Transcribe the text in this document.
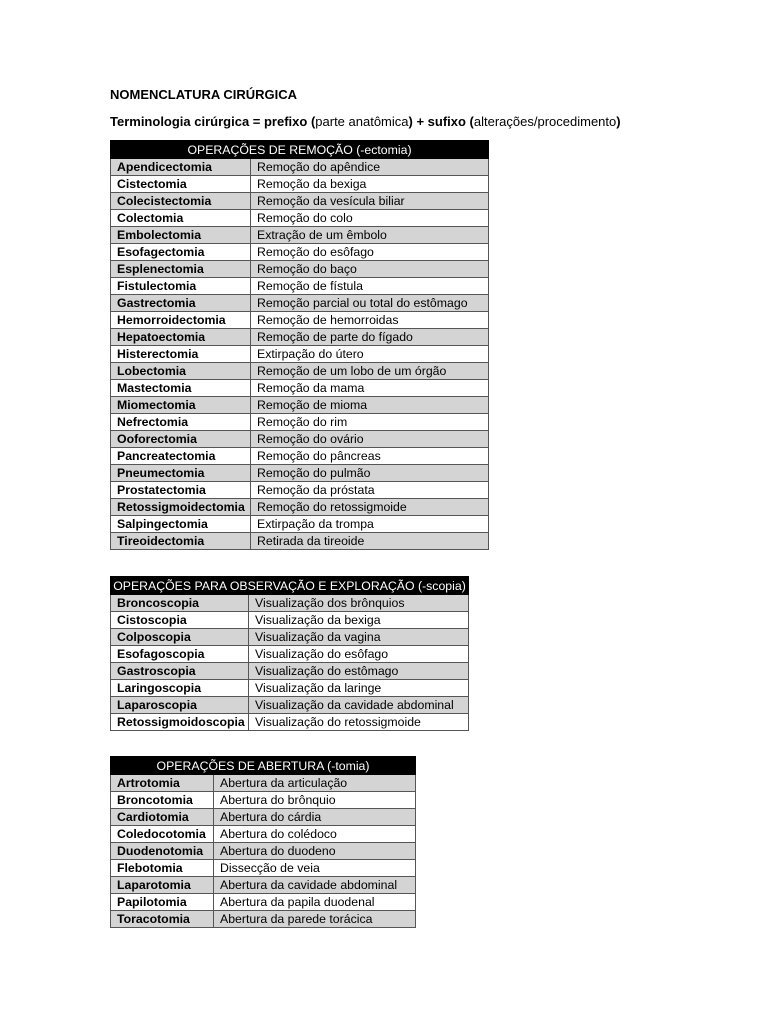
NOMENCLATURA CIRÚRGICA
Terminologia cirúrgica = prefixo (parte anatômica) + sufixo (alterações/procedimento)
OPERAÇÕES DE REMOÇÃO (-ectomia)	
Apendicectomia	Remoção do apêndice
Cistectomia	Remoção da bexiga
Colecistectomia	Remoção da vesícula biliar
Colectomia	Remoção do colo
Embolectomia	Extração de um êmbolo
Esofagectomia	Remoção do esôfago
Esplenectomia	Remoção do baço
Fistulectomia	Remoção de fístula
Gastrectomia	Remoção parcial ou total do estômago
Hemorroidectomia	Remoção de hemorroidas
Hepatoectomia	Remoção de parte do fígado
Histerectomia	Extirpação do útero
Lobectomia	Remoção de um lobo de um órgão
Mastectomia	Remoção da mama
Miomectomia	Remoção de mioma
Nefrectomia	Remoção do rim
Ooforectomia	Remoção do ovário
Pancreatectomia	Remoção do pâncreas
Pneumectomia	Remoção do pulmão
Prostatectomia	Remoção da próstata
Retossigmoidectomia	Remoção do retossigmoide
Salpingectomia	Extirpação da trompa
Tireoidectomia	Retirada da tireoide
OPERAÇÕES PARA OBSERVAÇÃO E EXPLORAÇÃO (-scopia)	
Broncoscopia	Visualização dos brônquios
Cistoscopia	Visualização da bexiga
Colposcopia	Visualização da vagina
Esofagoscopia	Visualização do esôfago
Gastroscopia	Visualização do estômago
Laringoscopia	Visualização da laringe
Laparoscopia	Visualização da cavidade abdominal
Retossigmoidoscopia	Visualização do retossigmoide
OPERAÇÕES DE ABERTURA (-tomia)	
Artrotomia	Abertura da articulação
Broncotomia	Abertura do brônquio
Cardiotomia	Abertura do cárdia
Coledocotomia	Abertura do colédoco
Duodenotomia	Abertura do duodeno
Flebotomia	Dissecção de veia
Laparotomia	Abertura da cavidade abdominal
Papilotomia	Abertura da papila duodenal
Toracotomia	Abertura da parede torácica
